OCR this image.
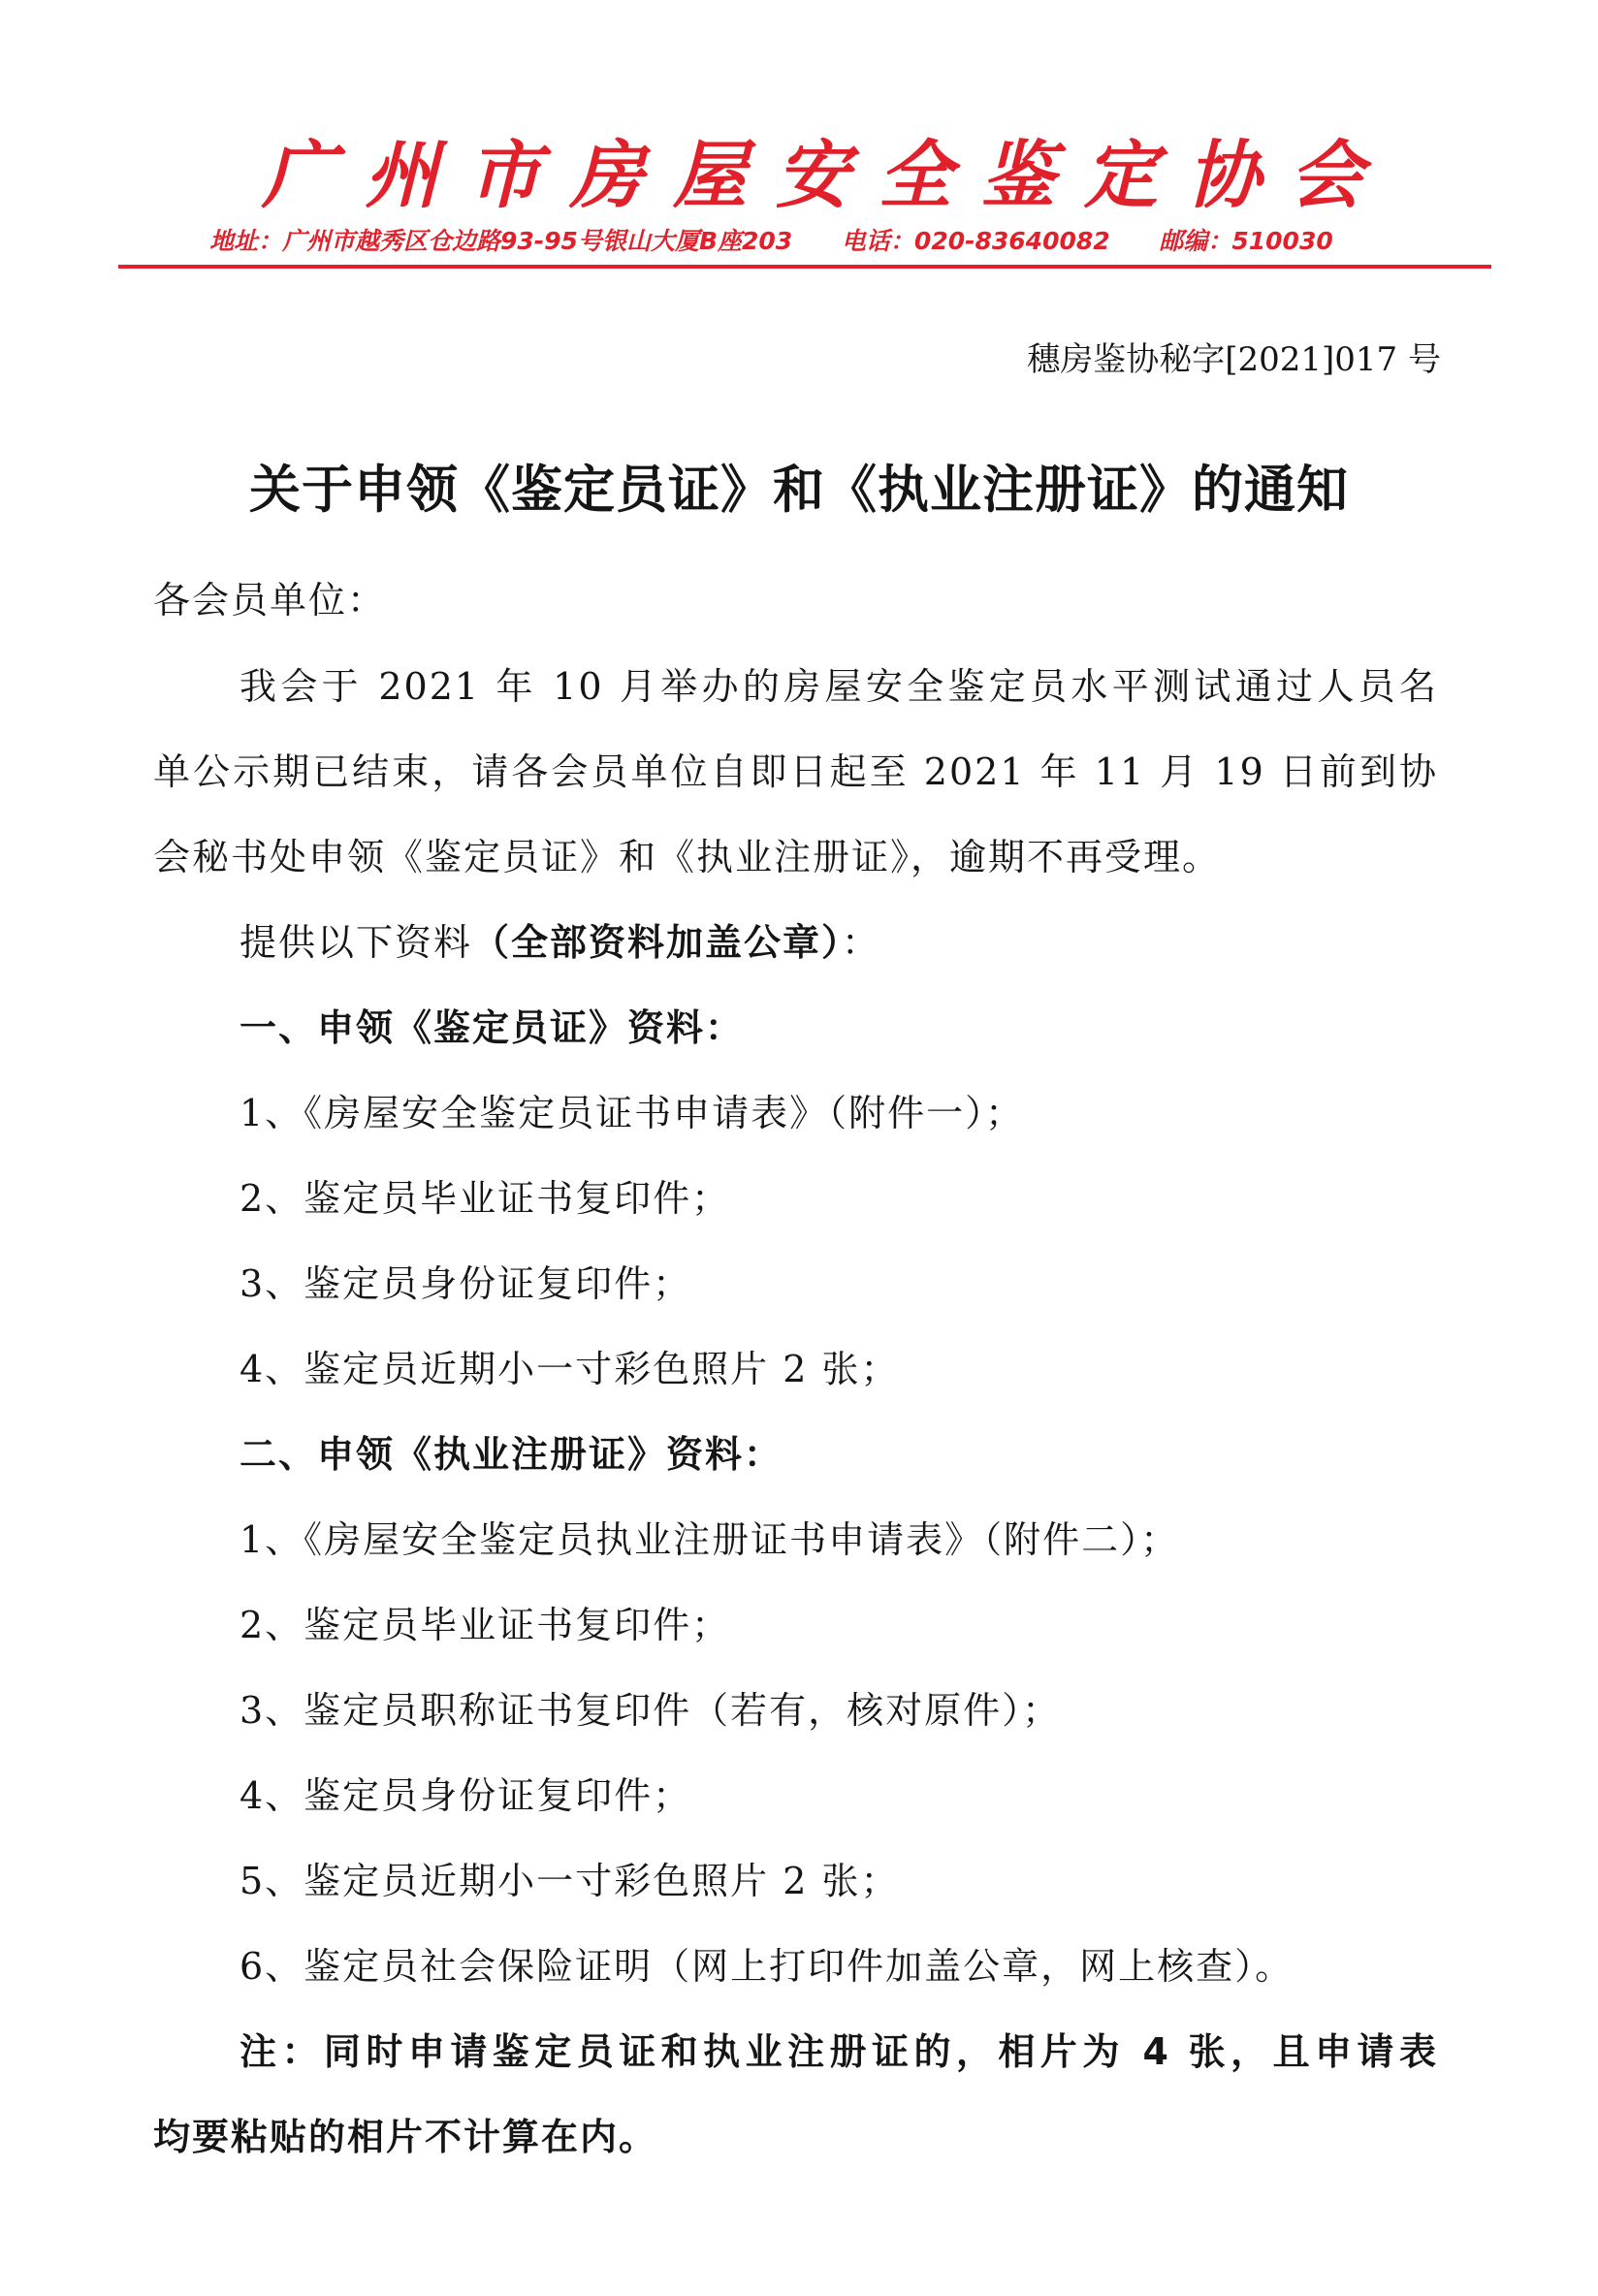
广州市房屋安全鉴定协会
地址：广州市越秀区仓边路93-95号银山大厦B座203 电话：020-83640082 邮编：510030
穗房鉴协秘字[2021]017 号
关于申领《鉴定员证》和《执业注册证》的通知
各会员单位：
我会于 2021 年 10 月举办的房屋安全鉴定员水平测试通过人员名
单公示期已结束，请各会员单位自即日起至 2021 年 11 月 19 日前到协
会秘书处申领《鉴定员证》和《执业注册证》，逾期不再受理。
提供以下资料（全部资料加盖公章）：
一、申领《鉴定员证》资料：
1、《房屋安全鉴定员证书申请表》（附件一）；
2、鉴定员毕业证书复印件；
3、鉴定员身份证复印件；
4、鉴定员近期小一寸彩色照片 2 张；
二、申领《执业注册证》资料：
1、《房屋安全鉴定员执业注册证书申请表》（附件二）；
2、鉴定员毕业证书复印件；
3、鉴定员职称证书复印件（若有，核对原件）；
4、鉴定员身份证复印件；
5、鉴定员近期小一寸彩色照片 2 张；
6、鉴定员社会保险证明（网上打印件加盖公章，网上核查）。
注：同时申请鉴定员证和执业注册证的，相片为 4 张，且申请表
均要粘贴的相片不计算在内。
